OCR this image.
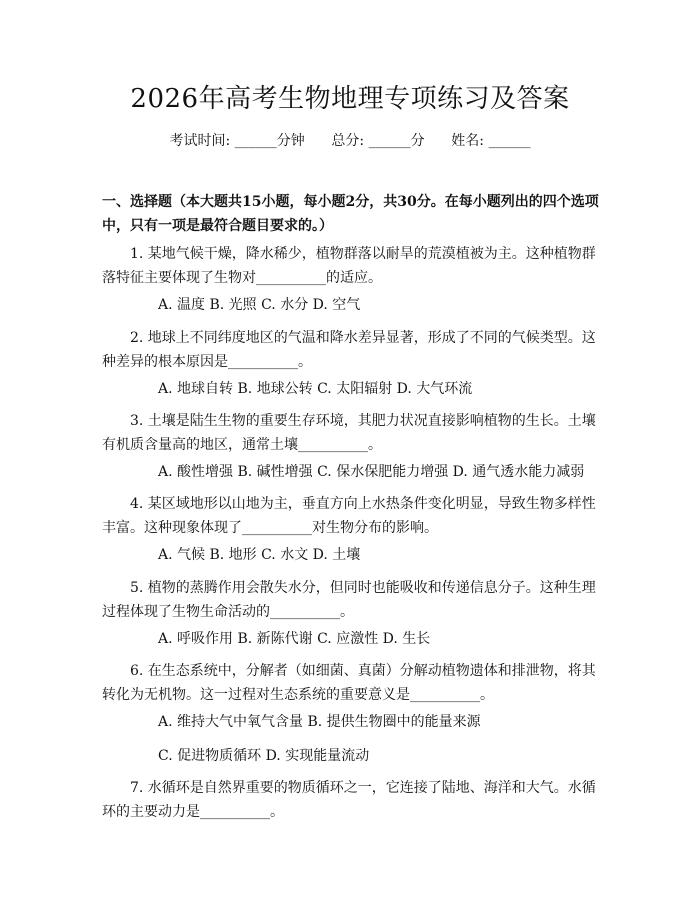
2026年高考生物地理专项练习及答案
考试时间: ______分钟      总分: ______分      姓名: ______
一、选择题（本大题共15小题，每小题2分，共30分。在每小题列出的四个选项中，只有一项是最符合题目要求的。）
1. 某地气候干燥，降水稀少，植物群落以耐旱的荒漠植被为主。这种植物群落特征主要体现了生物对__________的适应。
A. 温度 B. 光照 C. 水分 D. 空气
2. 地球上不同纬度地区的气温和降水差异显著，形成了不同的气候类型。这种差异的根本原因是__________。
A. 地球自转 B. 地球公转 C. 太阳辐射 D. 大气环流
3. 土壤是陆生生物的重要生存环境，其肥力状况直接影响植物的生长。土壤有机质含量高的地区，通常土壤__________。
A. 酸性增强 B. 碱性增强 C. 保水保肥能力增强 D. 通气透水能力减弱
4. 某区域地形以山地为主，垂直方向上水热条件变化明显，导致生物多样性丰富。这种现象体现了__________对生物分布的影响。
A. 气候 B. 地形 C. 水文 D. 土壤
5. 植物的蒸腾作用会散失水分，但同时也能吸收和传递信息分子。这种生理过程体现了生物生命活动的__________。
A. 呼吸作用 B. 新陈代谢 C. 应激性 D. 生长
6. 在生态系统中，分解者（如细菌、真菌）分解动植物遗体和排泄物，将其转化为无机物。这一过程对生态系统的重要意义是__________。
A. 维持大气中氧气含量 B. 提供生物圈中的能量来源
C. 促进物质循环 D. 实现能量流动
7. 水循环是自然界重要的物质循环之一，它连接了陆地、海洋和大气。水循环的主要动力是__________。
